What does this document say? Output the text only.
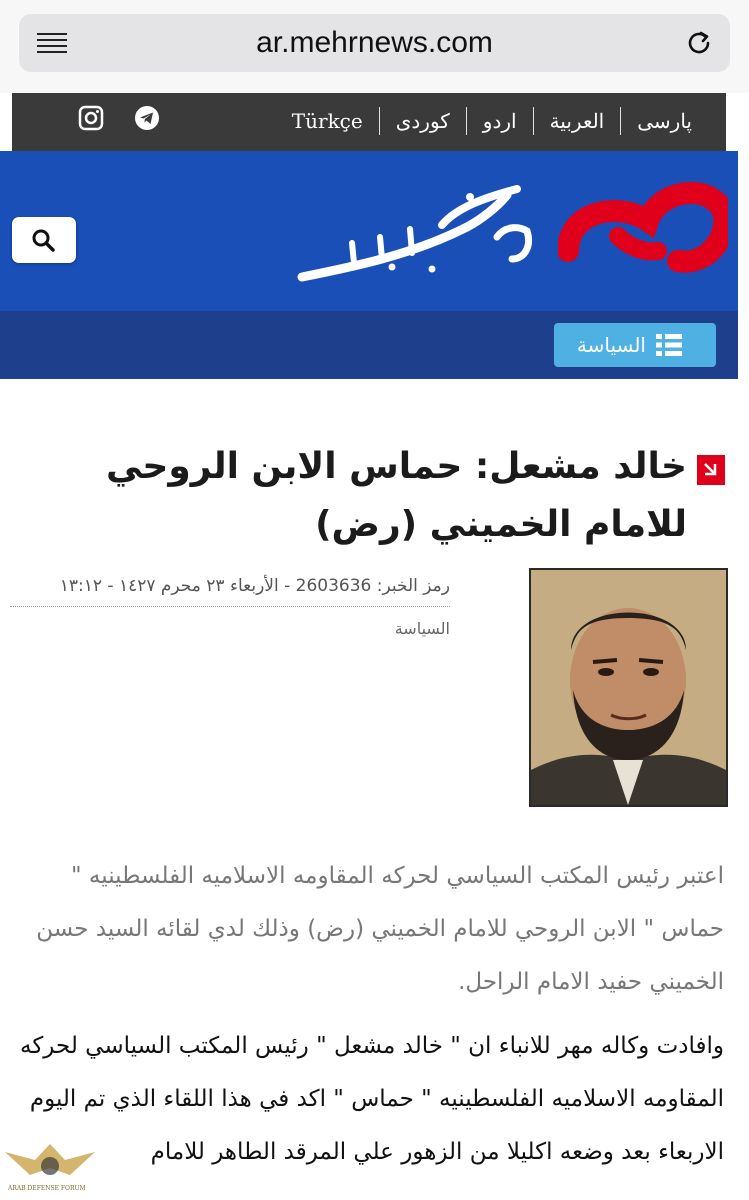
ar.mehrnews.com
پارسی
العربية
اردو
کوردی
Türkçe
السياسة
خالد مشعل: حماس الابن الروحي للامام الخميني (رض)
رمز الخبر: 2603636 - الأربعاء ٢٣ محرم ١٤٢٧ - ١٣:١٢
السياسة
اعتبر رئيس المكتب السياسي لحركه المقاومه الاسلاميه الفلسطينيه " حماس " الابن الروحي للامام الخميني (رض) وذلك لدي لقائه السيد حسن الخميني حفيد الامام الراحل.
وافادت وكاله مهر للانباء ان " خالد مشعل " رئيس المكتب السياسي لحركه المقاومه الاسلاميه الفلسطينيه " حماس " اكد في هذا اللقاء الذي تم اليوم الاربعاء بعد وضعه اكليلا من الزهور علي المرقد الطاهر للامام
ARAB DEFENSE FORUM
